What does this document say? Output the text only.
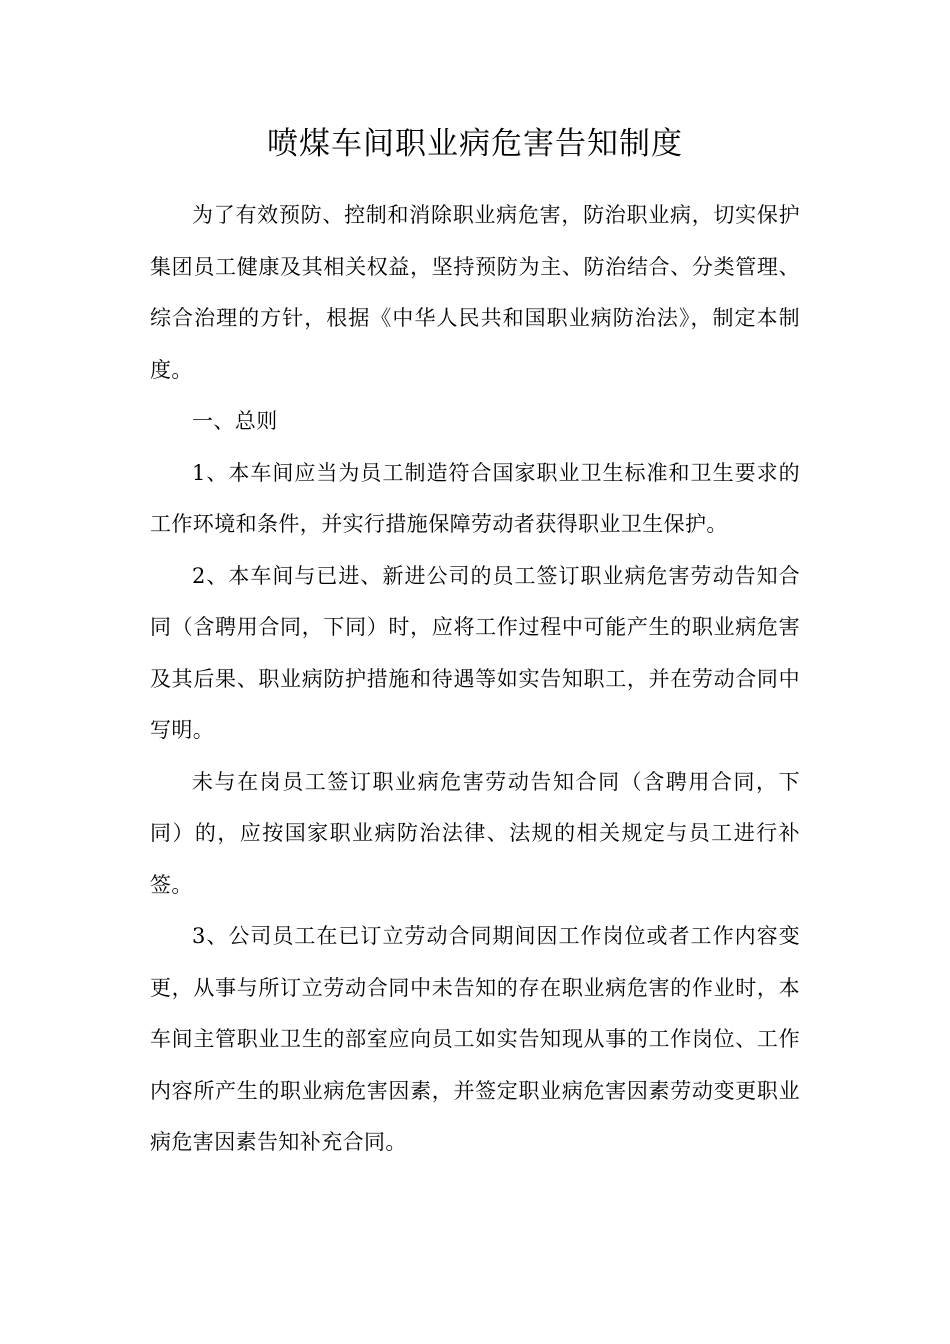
喷煤车间职业病危害告知制度

为了有效预防、控制和消除职业病危害，防治职业病，切实保护集团员工健康及其相关权益，坚持预防为主、防治结合、分类管理、综合治理的方针，根据《中华人民共和国职业病防治法》，制定本制度。

一、总则

1、本车间应当为员工制造符合国家职业卫生标准和卫生要求的工作环境和条件，并实行措施保障劳动者获得职业卫生保护。

2、本车间与已进、新进公司的员工签订职业病危害劳动告知合同（含聘用合同，下同）时，应将工作过程中可能产生的职业病危害及其后果、职业病防护措施和待遇等如实告知职工，并在劳动合同中写明。

未与在岗员工签订职业病危害劳动告知合同（含聘用合同，下同）的，应按国家职业病防治法律、法规的相关规定与员工进行补签。

3、公司员工在已订立劳动合同期间因工作岗位或者工作内容变更，从事与所订立劳动合同中未告知的存在职业病危害的作业时，本车间主管职业卫生的部室应向员工如实告知现从事的工作岗位、工作内容所产生的职业病危害因素，并签定职业病危害因素劳动变更职业病危害因素告知补充合同。
